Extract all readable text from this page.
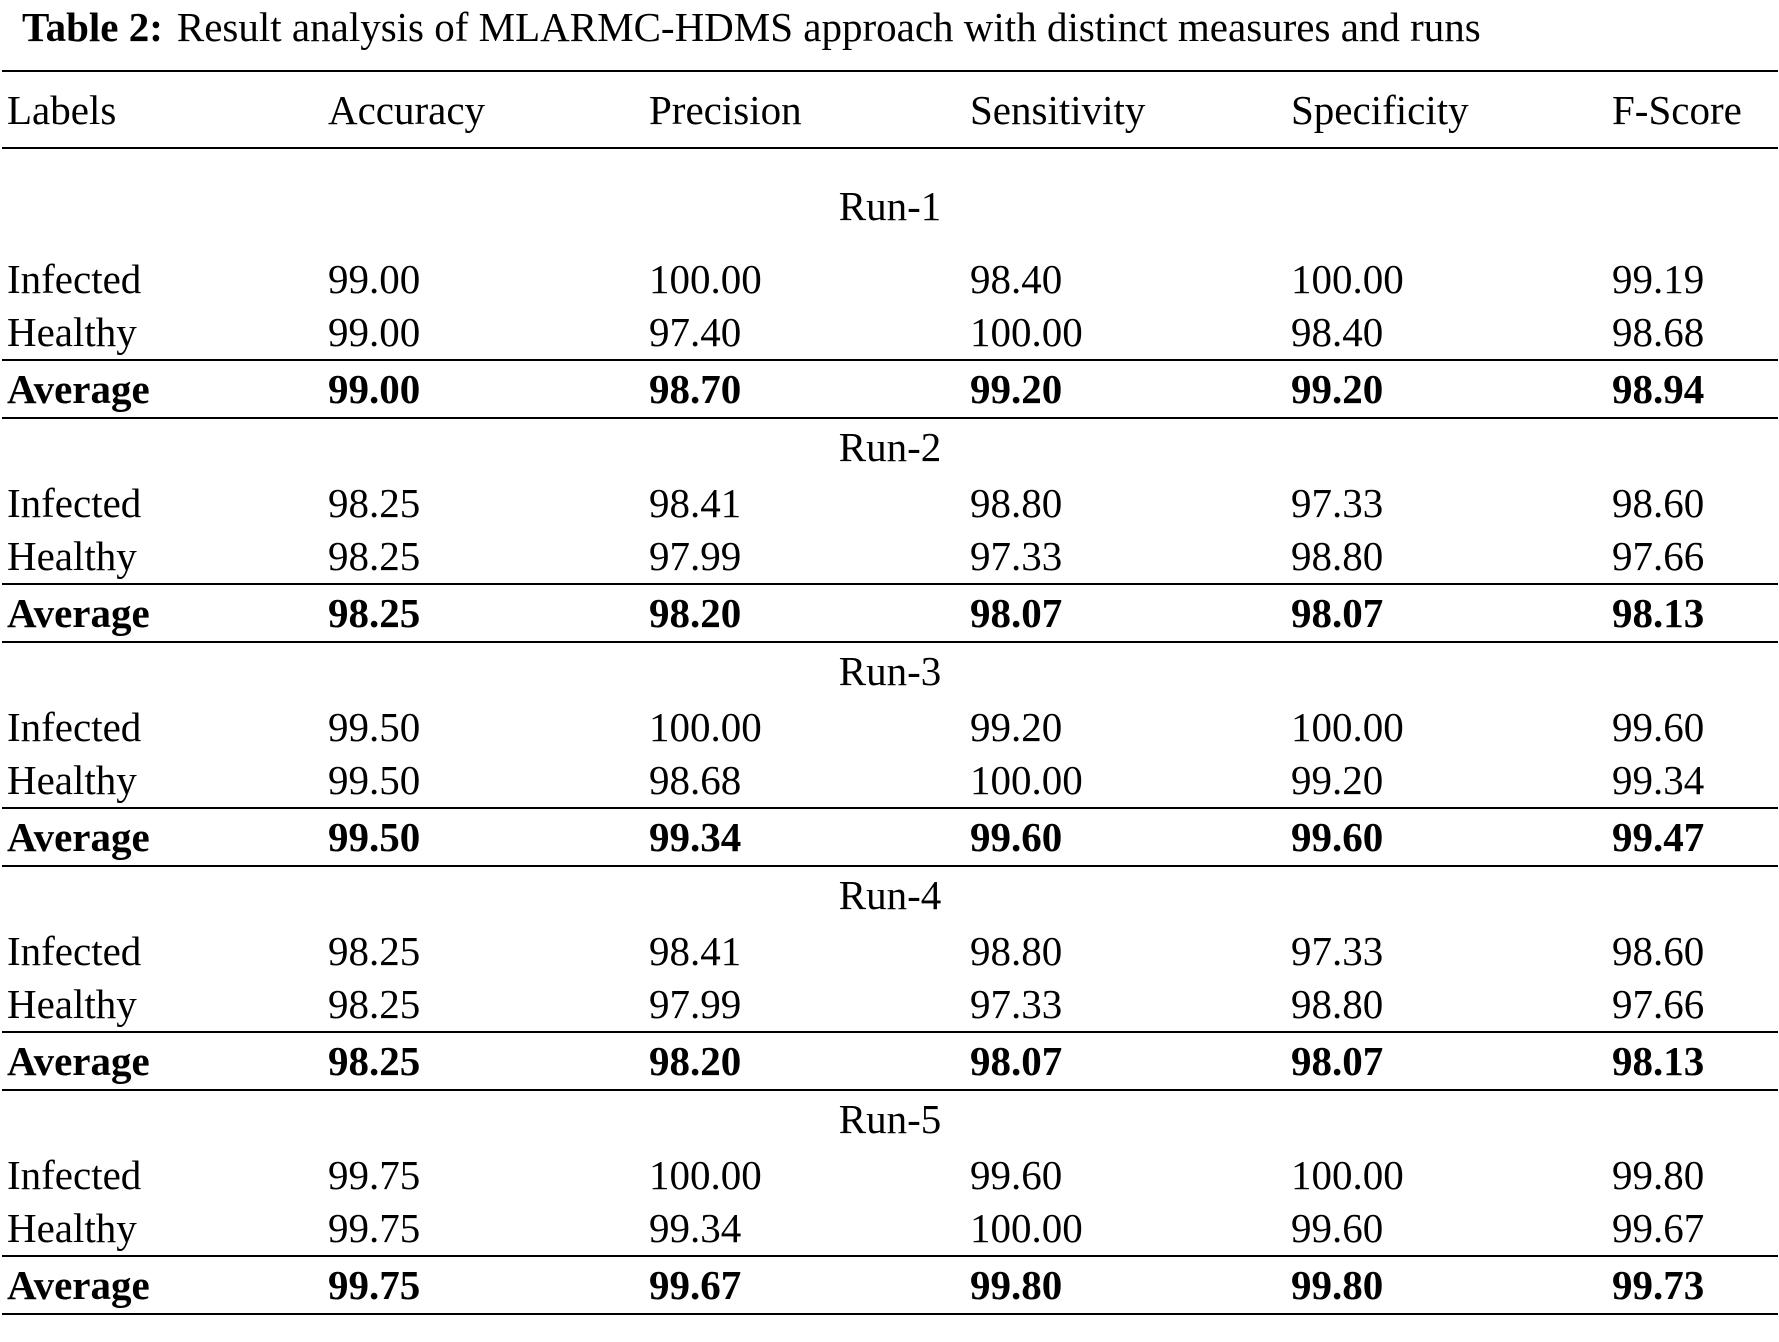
Table 2: Result analysis of MLARMC-HDMS approach with distinct measures and runs
Labels	Accuracy	Precision	Sensitivity	Specificity	F-Score
Run-1					
Infected	99.00	100.00	98.40	100.00	99.19
Healthy	99.00	97.40	100.00	98.40	98.68
Average	99.00	98.70	99.20	99.20	98.94
Run-2					
Infected	98.25	98.41	98.80	97.33	98.60
Healthy	98.25	97.99	97.33	98.80	97.66
Average	98.25	98.20	98.07	98.07	98.13
Run-3					
Infected	99.50	100.00	99.20	100.00	99.60
Healthy	99.50	98.68	100.00	99.20	99.34
Average	99.50	99.34	99.60	99.60	99.47
Run-4					
Infected	98.25	98.41	98.80	97.33	98.60
Healthy	98.25	97.99	97.33	98.80	97.66
Average	98.25	98.20	98.07	98.07	98.13
Run-5					
Infected	99.75	100.00	99.60	100.00	99.80
Healthy	99.75	99.34	100.00	99.60	99.67
Average	99.75	99.67	99.80	99.80	99.73
